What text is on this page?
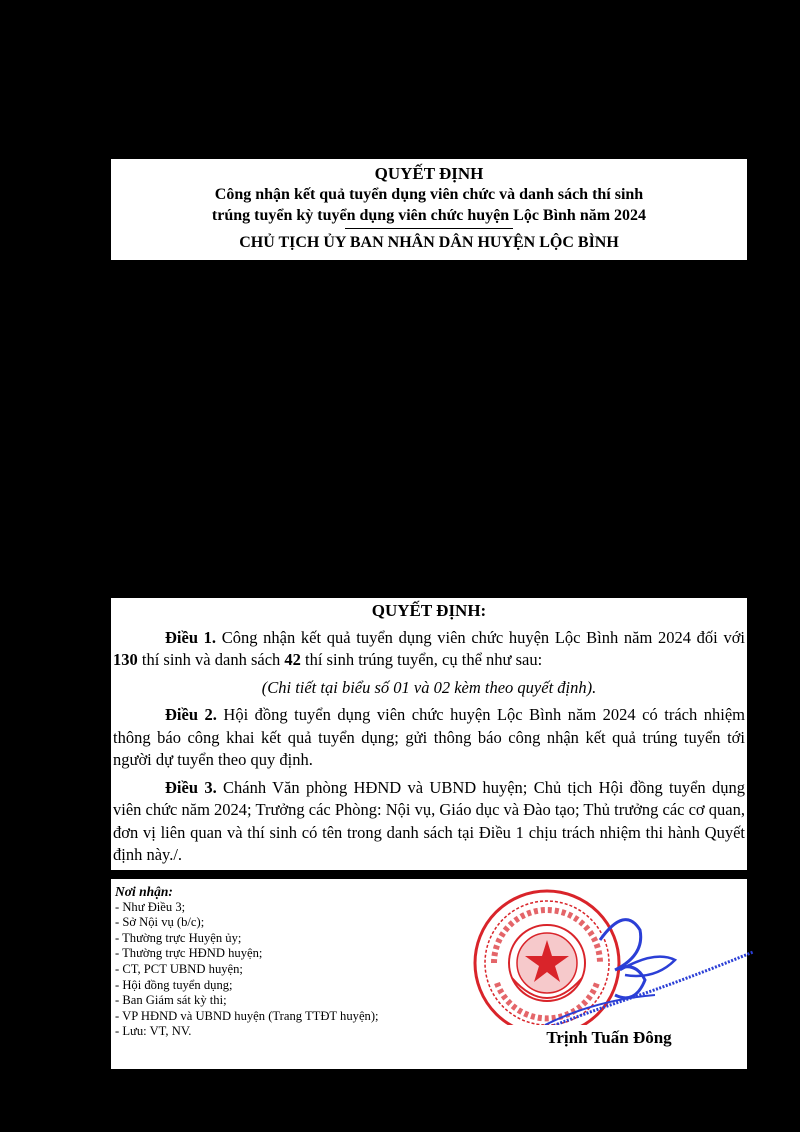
QUYẾT ĐỊNH
Công nhận kết quả tuyển dụng viên chức và danh sách thí sinh
trúng tuyển kỳ tuyển dụng viên chức huyện Lộc Bình năm 2024
CHỦ TỊCH ỦY BAN NHÂN DÂN HUYỆN LỘC BÌNH
QUYẾT ĐỊNH:

Điều 1. Công nhận kết quả tuyển dụng viên chức huyện Lộc Bình năm 2024 đối với 130 thí sinh và danh sách 42 thí sinh trúng tuyển, cụ thể như sau:

(Chi tiết tại biểu số 01 và 02 kèm theo quyết định).

Điều 2. Hội đồng tuyển dụng viên chức huyện Lộc Bình năm 2024 có trách nhiệm thông báo công khai kết quả tuyển dụng; gửi thông báo công nhận kết quả trúng tuyển tới người dự tuyển theo quy định.

Điều 3. Chánh Văn phòng HĐND và UBND huyện; Chủ tịch Hội đồng tuyển dụng viên chức năm 2024; Trưởng các Phòng: Nội vụ, Giáo dục và Đào tạo; Thủ trưởng các cơ quan, đơn vị liên quan và thí sinh có tên trong danh sách tại Điều 1 chịu trách nhiệm thi hành Quyết định này./.

Nơi nhận:
- Như Điều 3;
- Sở Nội vụ (b/c);
- Thường trực Huyện ủy;
- Thường trực HĐND huyện;
- CT, PCT UBND huyện;
- Hội đồng tuyển dụng;
- Ban Giám sát kỳ thi;
- VP HĐND và UBND huyện (Trang TTĐT huyện);
- Lưu: VT, NV.	Trịnh Tuấn Đông
